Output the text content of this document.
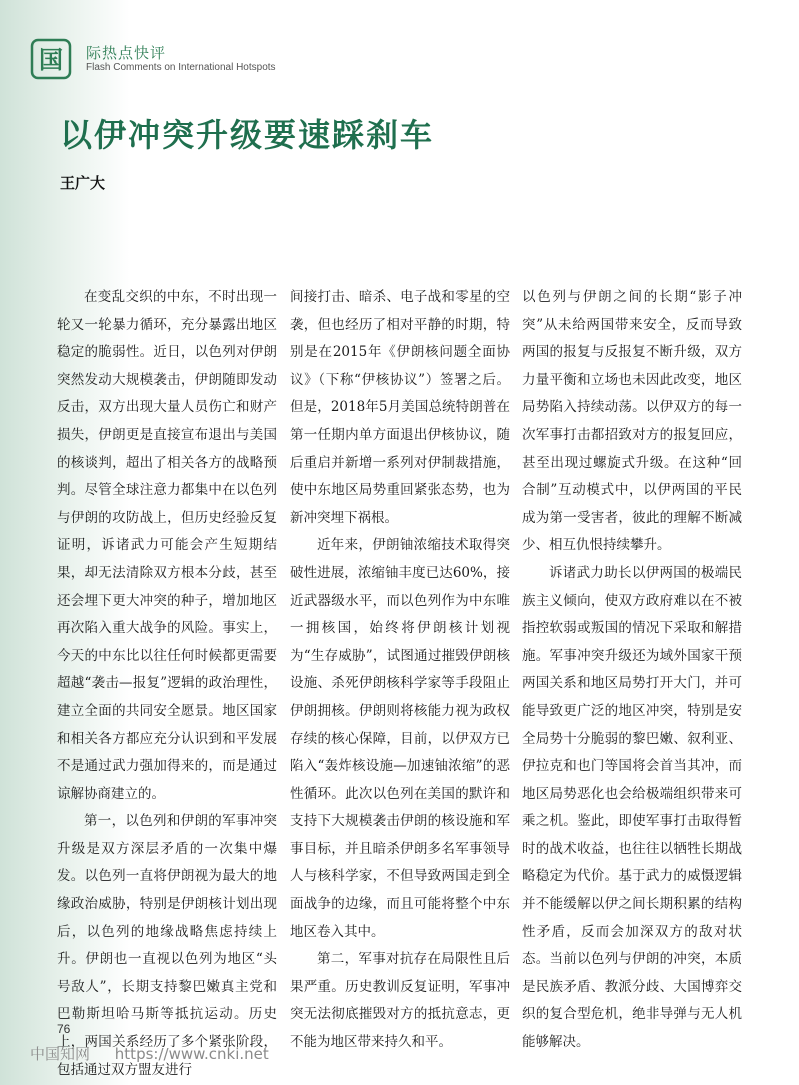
国 际热点快评
Flash Comments on International Hotspots
以伊冲突升级要速踩刹车
王广大

在变乱交织的中东，不时出现一轮又一轮暴力循环，充分暴露出地区稳定的脆弱性。近日，以色列对伊朗突然发动大规模袭击，伊朗随即发动反击，双方出现大量人员伤亡和财产损失，伊朗更是直接宣布退出与美国的核谈判，超出了相关各方的战略预判。尽管全球注意力都集中在以色列与伊朗的攻防战上，但历史经验反复证明，诉诸武力可能会产生短期结果，却无法清除双方根本分歧，甚至还会埋下更大冲突的种子，增加地区再次陷入重大战争的风险。事实上，今天的中东比以往任何时候都更需要超越“袭击—报复”逻辑的政治理性，建立全面的共同安全愿景。地区国家和相关各方都应充分认识到和平发展不是通过武力强加得来的，而是通过谅解协商建立的。

第一，以色列和伊朗的军事冲突升级是双方深层矛盾的一次集中爆发。以色列一直将伊朗视为最大的地缘政治威胁，特别是伊朗核计划出现后，以色列的地缘战略焦虑持续上升。伊朗也一直视以色列为地区“头号敌人”，长期支持黎巴嫩真主党和巴勒斯坦哈马斯等抵抗运动。历史上，两国关系经历了多个紧张阶段，包括通过双方盟友进行

间接打击、暗杀、电子战和零星的空袭，但也经历了相对平静的时期，特别是在2015年《伊朗核问题全面协议》（下称“伊核协议”）签署之后。但是，2018年5月美国总统特朗普在第一任期内单方面退出伊核协议，随后重启并新增一系列对伊制裁措施，使中东地区局势重回紧张态势，也为新冲突埋下祸根。

近年来，伊朗铀浓缩技术取得突破性进展，浓缩铀丰度已达60%，接近武器级水平，而以色列作为中东唯一拥核国，始终将伊朗核计划视为“生存威胁”，试图通过摧毁伊朗核设施、杀死伊朗核科学家等手段阻止伊朗拥核。伊朗则将核能力视为政权存续的核心保障，目前，以伊双方已陷入“轰炸核设施—加速铀浓缩”的恶性循环。此次以色列在美国的默许和支持下大规模袭击伊朗的核设施和军事目标，并且暗杀伊朗多名军事领导人与核科学家，不但导致两国走到全面战争的边缘，而且可能将整个中东地区卷入其中。

第二，军事对抗存在局限性且后果严重。历史教训反复证明，军事冲突无法彻底摧毁对方的抵抗意志，更不能为地区带来持久和平。

以色列与伊朗之间的长期“影子冲突”从未给两国带来安全，反而导致两国的报复与反报复不断升级，双方力量平衡和立场也未因此改变，地区局势陷入持续动荡。以伊双方的每一次军事打击都招致对方的报复回应，甚至出现过螺旋式升级。在这种“回合制”互动模式中，以伊两国的平民成为第一受害者，彼此的理解不断减少、相互仇恨持续攀升。

诉诸武力助长以伊两国的极端民族主义倾向，使双方政府难以在不被指控软弱或叛国的情况下采取和解措施。军事冲突升级还为域外国家干预两国关系和地区局势打开大门，并可能导致更广泛的地区冲突，特别是安全局势十分脆弱的黎巴嫩、叙利亚、伊拉克和也门等国将会首当其冲，而地区局势恶化也会给极端组织带来可乘之机。鉴此，即使军事打击取得暂时的战术收益，也往往以牺牲长期战略稳定为代价。基于武力的威慑逻辑并不能缓解以伊之间长期积累的结构性矛盾，反而会加深双方的敌对状态。当前以色列与伊朗的冲突，本质是民族矛盾、教派分歧、大国博弈交织的复合型危机，绝非导弹与无人机能够解决。

76
中国知网 https://www.cnki.net
